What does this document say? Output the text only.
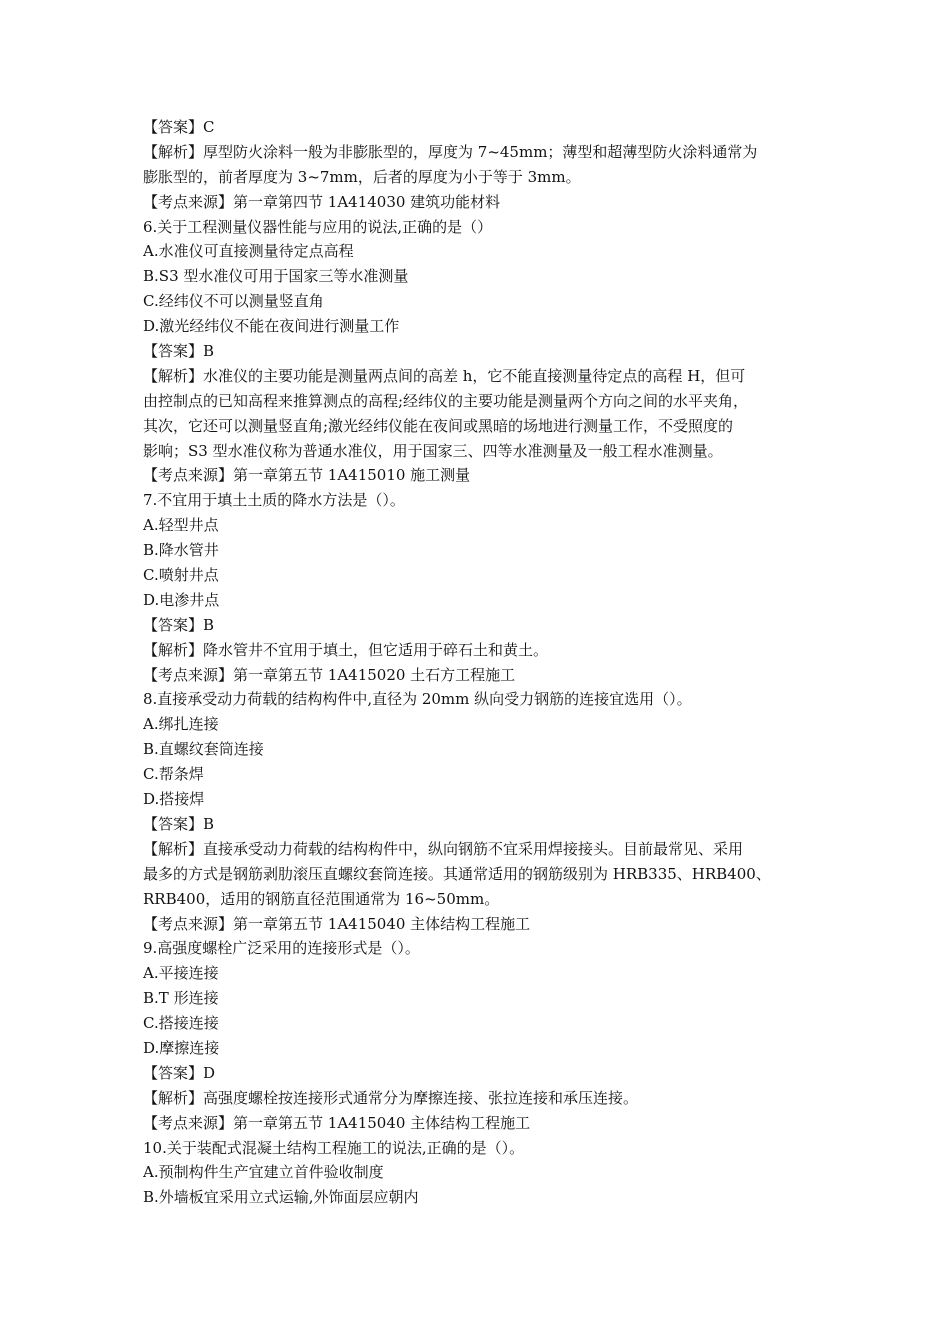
【答案】C
【解析】厚型防火涂料一般为非膨胀型的，厚度为 7~45mm；薄型和超薄型防火涂料通常为
膨胀型的，前者厚度为 3~7mm，后者的厚度为小于等于 3mm。
【考点来源】第一章第四节 1A414030 建筑功能材料
6.关于工程测量仪器性能与应用的说法,正确的是（）
A.水准仪可直接测量待定点高程
B.S3 型水准仪可用于国家三等水准测量
C.经纬仪不可以测量竖直角
D.激光经纬仪不能在夜间进行测量工作
【答案】B
【解析】水准仪的主要功能是测量两点间的高差 h，它不能直接测量待定点的高程 H，但可
由控制点的已知高程来推算测点的高程;经纬仪的主要功能是测量两个方向之间的水平夹角，
其次，它还可以测量竖直角;激光经纬仪能在夜间或黑暗的场地进行测量工作，不受照度的
影响；S3 型水准仪称为普通水准仪，用于国家三、四等水准测量及一般工程水准测量。
【考点来源】第一章第五节 1A415010 施工测量
7.不宜用于填土土质的降水方法是（）。
A.轻型井点
B.降水管井
C.喷射井点
D.电渗井点
【答案】B
【解析】降水管井不宜用于填土，但它适用于碎石土和黄土。
【考点来源】第一章第五节 1A415020 土石方工程施工
8.直接承受动力荷载的结构构件中,直径为 20mm 纵向受力钢筋的连接宜选用（）。
A.绑扎连接
B.直螺纹套筒连接
C.帮条焊
D.搭接焊
【答案】B
【解析】直接承受动力荷载的结构构件中，纵向钢筋不宜采用焊接接头。目前最常见、采用
最多的方式是钢筋剥肋滚压直螺纹套筒连接。其通常适用的钢筋级别为 HRB335、HRB400、
RRB400，适用的钢筋直径范围通常为 16~50mm。
【考点来源】第一章第五节 1A415040 主体结构工程施工
9.高强度螺栓广泛采用的连接形式是（）。
A.平接连接
B.T 形连接
C.搭接连接
D.摩擦连接
【答案】D
【解析】高强度螺栓按连接形式通常分为摩擦连接、张拉连接和承压连接。
【考点来源】第一章第五节 1A415040 主体结构工程施工
10.关于装配式混凝土结构工程施工的说法,正确的是（）。
A.预制构件生产宜建立首件验收制度
B.外墙板宜采用立式运输,外饰面层应朝内
